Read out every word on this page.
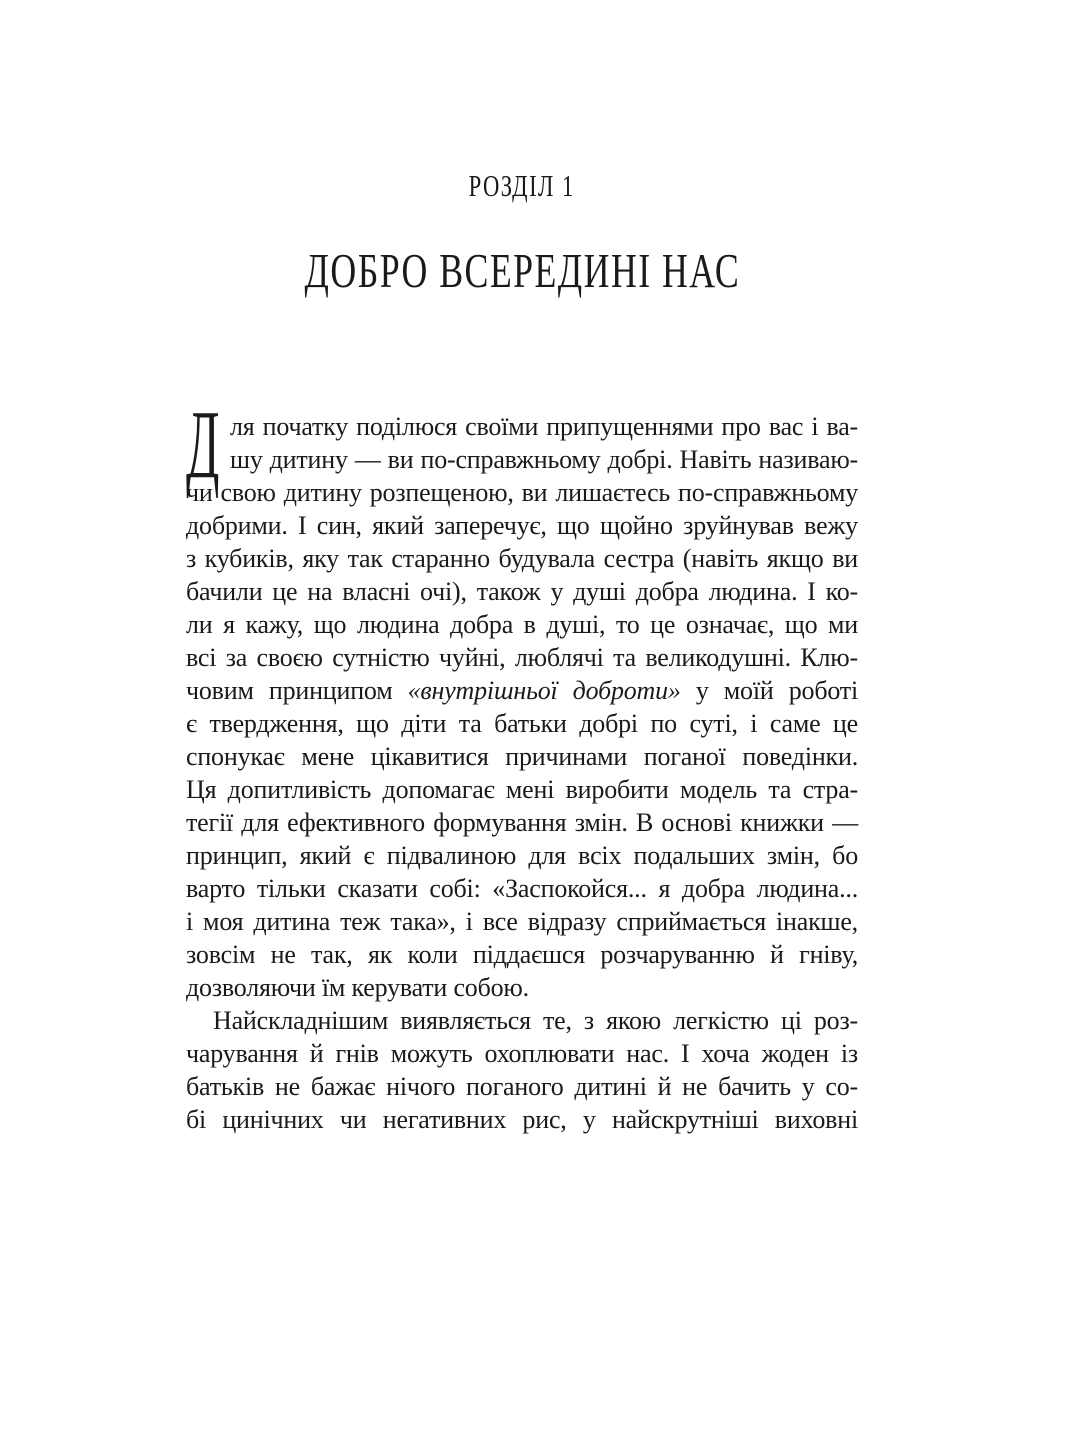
РОЗДІЛ 1
ДОБРО ВСЕРЕДИНІ НАС
Д ля початку поділюся своїми припущеннями про вас і ва-
шу дитину — ви по-справжньому добрі. Навіть називаю-
чи свою дитину розпещеною, ви лишаєтесь по-справжньому
добрими. І син, який заперечує, що щойно зруйнував вежу
з кубиків, яку так старанно будувала сестра (навіть якщо ви
бачили це на власні очі), також у душі добра людина. І ко-
ли я кажу, що людина добра в душі, то це означає, що ми
всі за своєю сутністю чуйні, люблячі та великодушні. Клю-
човим принципом «внутрішньої доброти» у моїй роботі
є твердження, що діти та батьки добрі по суті, і саме це
спонукає мене цікавитися причинами поганої поведінки.
Ця допитливість допомагає мені виробити модель та стра-
тегії для ефективного формування змін. В основі книжки —
принцип, який є підвалиною для всіх подальших змін, бо
варто тільки сказати собі: «Заспокойся... я добра людина...
і моя дитина теж така», і все відразу сприймається інакше,
зовсім не так, як коли піддаєшся розчаруванню й гніву,
дозволяючи їм керувати собою.
Найскладнішим виявляється те, з якою легкістю ці роз-
чарування й гнів можуть охоплювати нас. І хоча жоден із
батьків не бажає нічого поганого дитині й не бачить у со-
бі цинічних чи негативних рис, у найскрутніші виховні
